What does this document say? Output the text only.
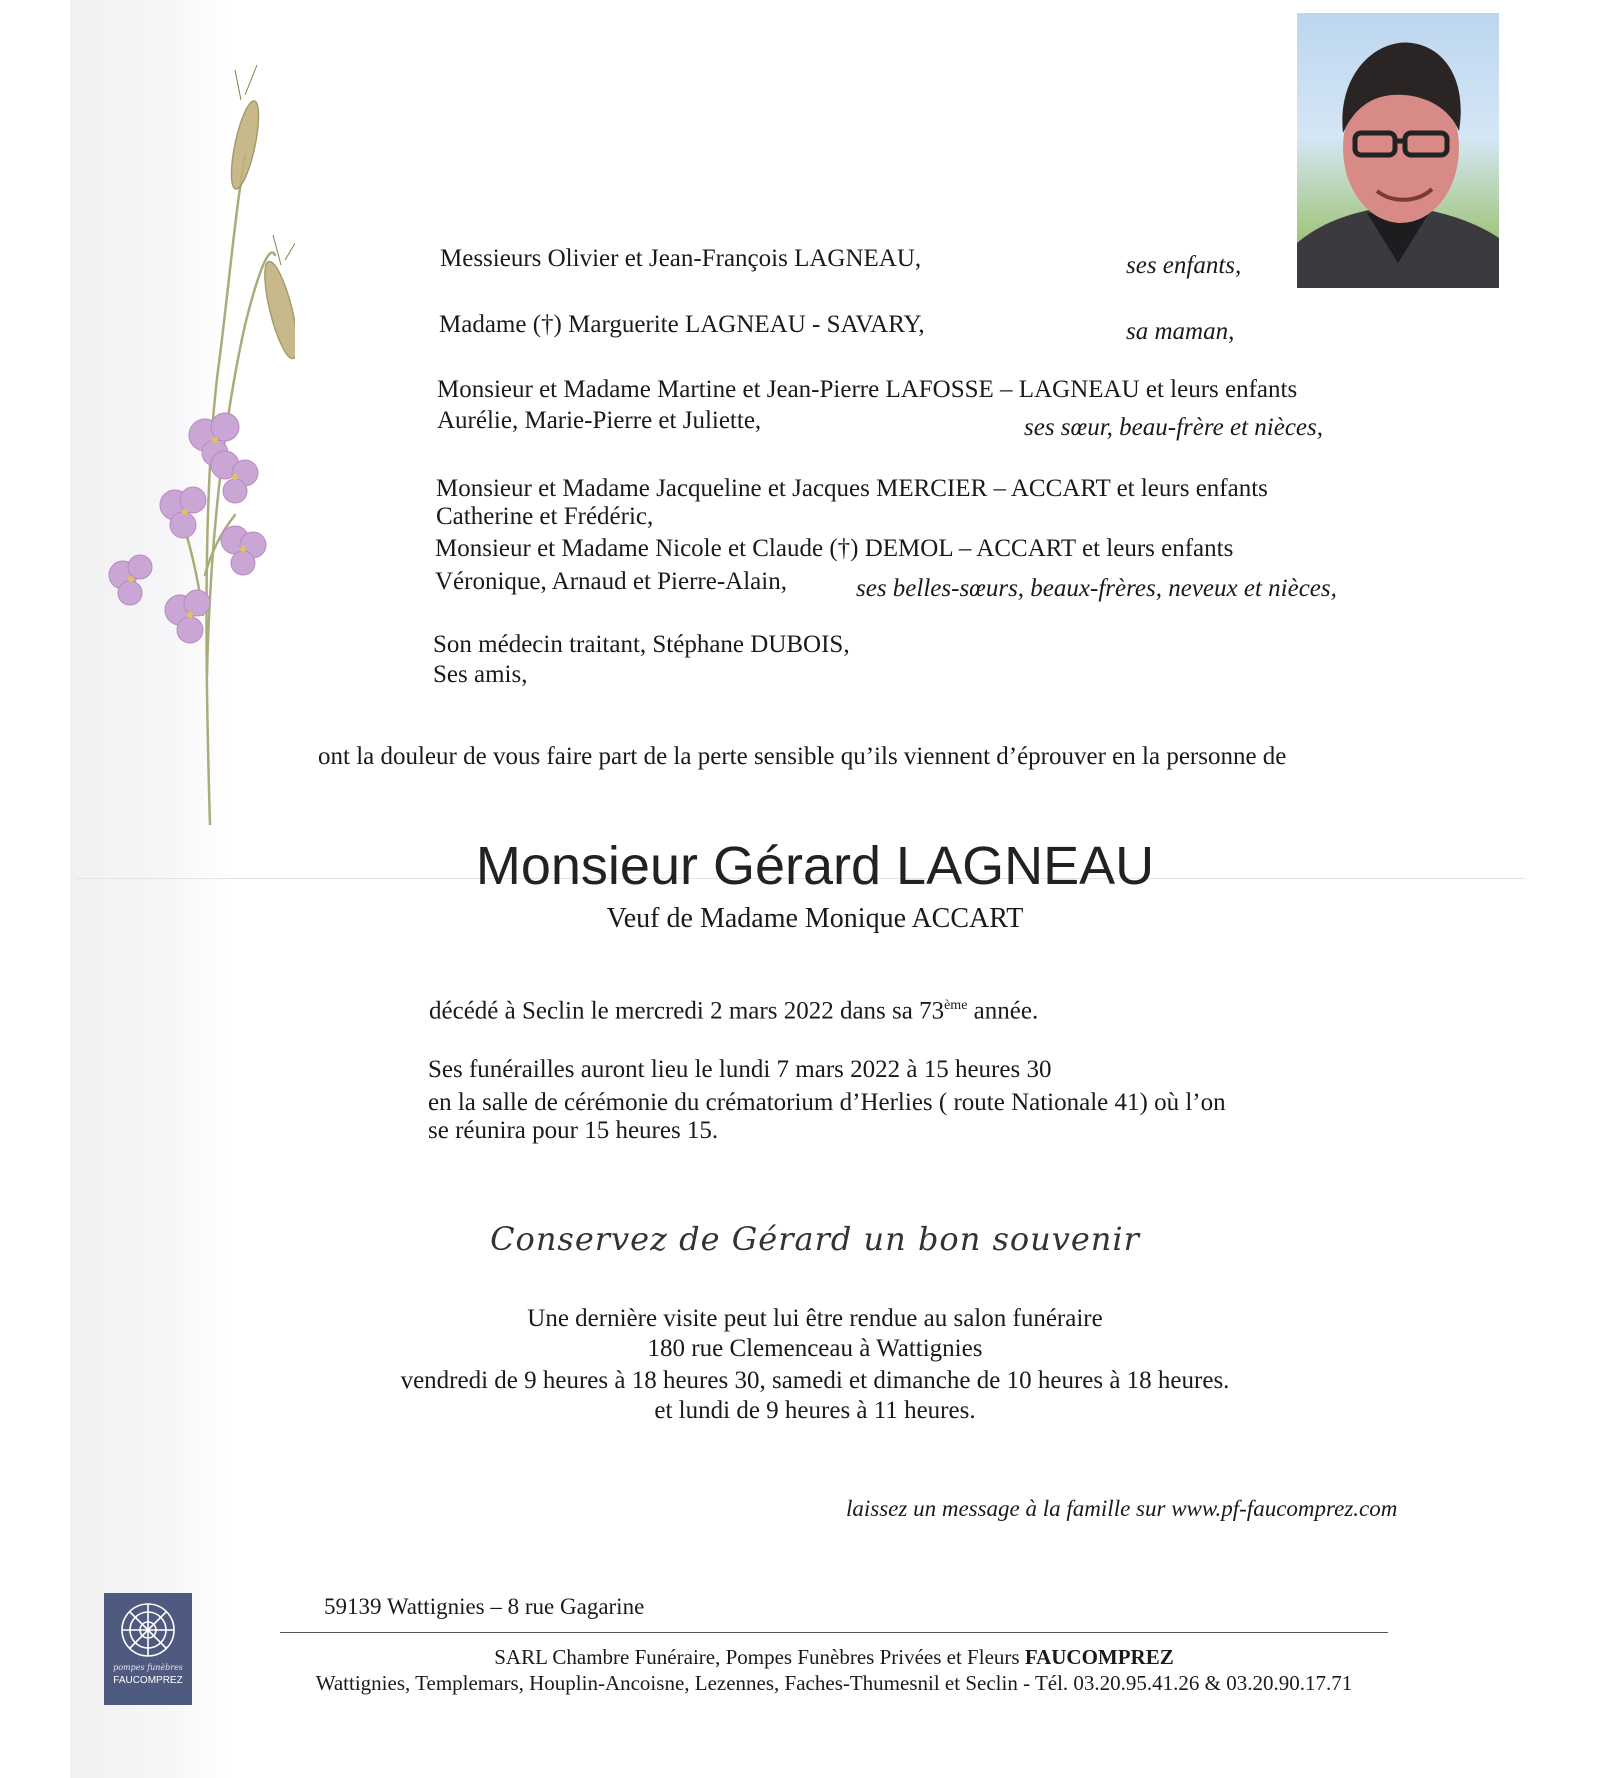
Messieurs Olivier et Jean-François LAGNEAU,	ses enfants,
Madame (†) Marguerite LAGNEAU - SAVARY,	sa maman,
Monsieur et Madame Martine et Jean-Pierre LAFOSSE – LAGNEAU et leurs enfants
Aurélie, Marie-Pierre et Juliette,	ses sœur, beau-frère et nièces,
Monsieur et Madame Jacqueline et Jacques MERCIER – ACCART et leurs enfants
Catherine et Frédéric,
Monsieur et Madame Nicole et Claude (†) DEMOL – ACCART et leurs enfants
Véronique, Arnaud et Pierre-Alain,	ses belles-sœurs, beaux-frères, neveux et nièces,
Son médecin traitant, Stéphane DUBOIS,
Ses amis,
ont la douleur de vous faire part de la perte sensible qu’ils viennent d’éprouver en la personne de
Monsieur Gérard LAGNEAU
Veuf de Madame Monique ACCART
décédé à Seclin le mercredi 2 mars 2022 dans sa 73ème année.
Ses funérailles auront lieu le lundi 7 mars 2022 à 15 heures 30
en la salle de cérémonie du crématorium d’Herlies ( route Nationale 41) où l’on
se réunira pour 15 heures 15.
Conservez de Gérard un bon souvenir
Une dernière visite peut lui être rendue au salon funéraire
180 rue Clemenceau à Wattignies
vendredi de 9 heures à 18 heures 30, samedi et dimanche de 10 heures à 18 heures.
et lundi de 9 heures à 11 heures.
laissez un message à la famille sur www.pf-faucomprez.com
pompes funèbres
FAUCOMPREZ
59139 Wattignies – 8 rue Gagarine
SARL Chambre Funéraire, Pompes Funèbres Privées et Fleurs FAUCOMPREZ
Wattignies, Templemars, Houplin-Ancoisne, Lezennes, Faches-Thumesnil et Seclin - Tél. 03.20.95.41.26 & 03.20.90.17.71
